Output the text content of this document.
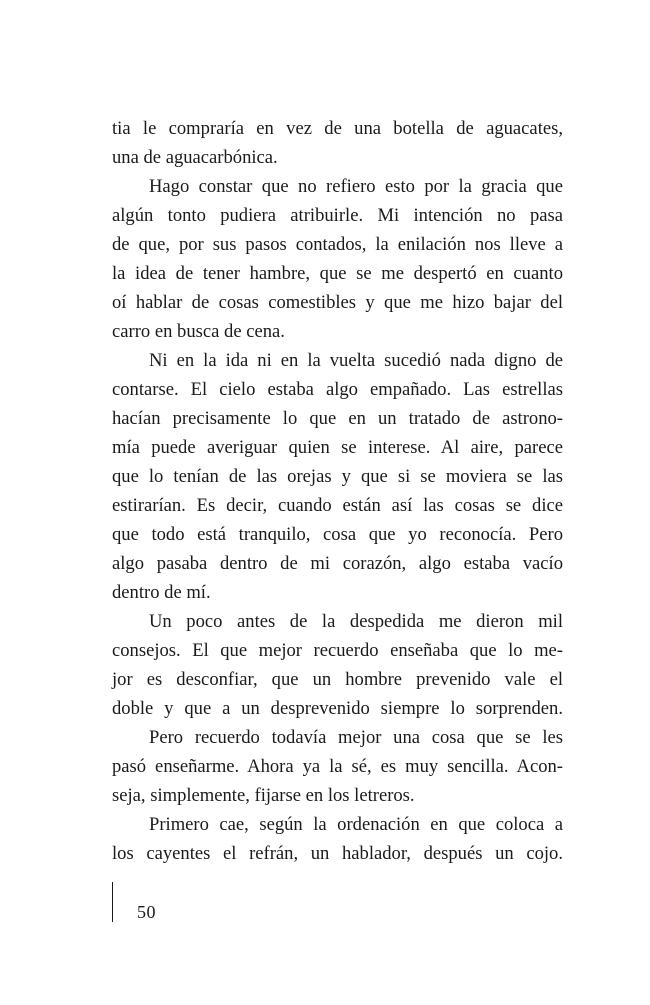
tia le compraría en vez de una botella de aguacates,
una de aguacarbónica.
Hago constar que no refiero esto por la gracia que
algún tonto pudiera atribuirle. Mi intención no pasa
de que, por sus pasos contados, la enilación nos lleve a
la idea de tener hambre, que se me despertó en cuanto
oí hablar de cosas comestibles y que me hizo bajar del
carro en busca de cena.
Ni en la ida ni en la vuelta sucedió nada digno de
contarse. El cielo estaba algo empañado. Las estrellas
hacían precisamente lo que en un tratado de astrono-
mía puede averiguar quien se interese. Al aire, parece
que lo tenían de las orejas y que si se moviera se las
estirarían. Es decir, cuando están así las cosas se dice
que todo está tranquilo, cosa que yo reconocía. Pero
algo pasaba dentro de mi corazón, algo estaba vacío
dentro de mí.
Un poco antes de la despedida me dieron mil
consejos. El que mejor recuerdo enseñaba que lo me-
jor es desconfiar, que un hombre prevenido vale el
doble y que a un desprevenido siempre lo sorprenden.
Pero recuerdo todavía mejor una cosa que se les
pasó enseñarme. Ahora ya la sé, es muy sencilla. Acon-
seja, simplemente, fijarse en los letreros.
Primero cae, según la ordenación en que coloca a
los cayentes el refrán, un hablador, después un cojo.
50
